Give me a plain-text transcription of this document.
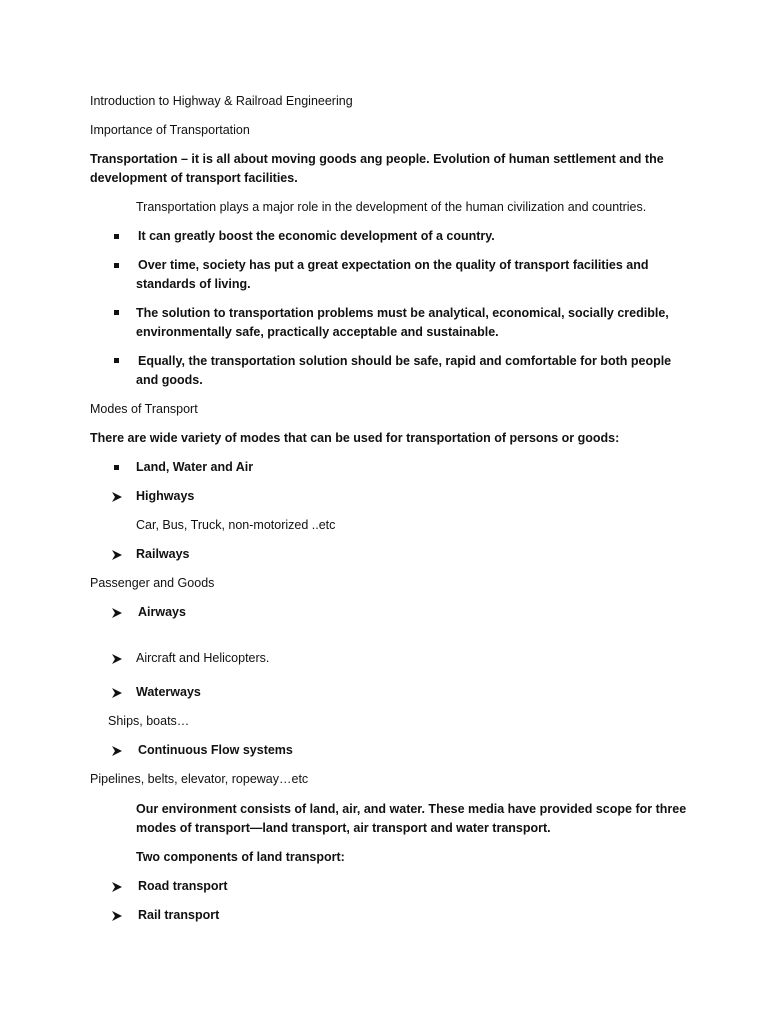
Introduction to Highway & Railroad Engineering
Importance of Transportation
Transportation – it is all about moving goods ang people. Evolution of human settlement and the
development of transport facilities.
Transportation plays a major role in the development of the human civilization and countries.
It can greatly boost the economic development of a country.
Over time, society has put a great expectation on the quality of transport facilities and
standards of living.
The solution to transportation problems must be analytical, economical, socially credible,
environmentally safe, practically acceptable and sustainable.
Equally, the transportation solution should be safe, rapid and comfortable for both people
and goods.
Modes of Transport
There are wide variety of modes that can be used for transportation of persons or goods:
Land, Water and Air
Highways
Car, Bus, Truck, non-motorized ..etc
Railways
Passenger and Goods
Airways
Aircraft and Helicopters.
Waterways
Ships, boats…
Continuous Flow systems
Pipelines, belts, elevator, ropeway…etc
Our environment consists of land, air, and water. These media have provided scope for three
modes of transport—land transport, air transport and water transport.
Two components of land transport:
Road transport
Rail transport
